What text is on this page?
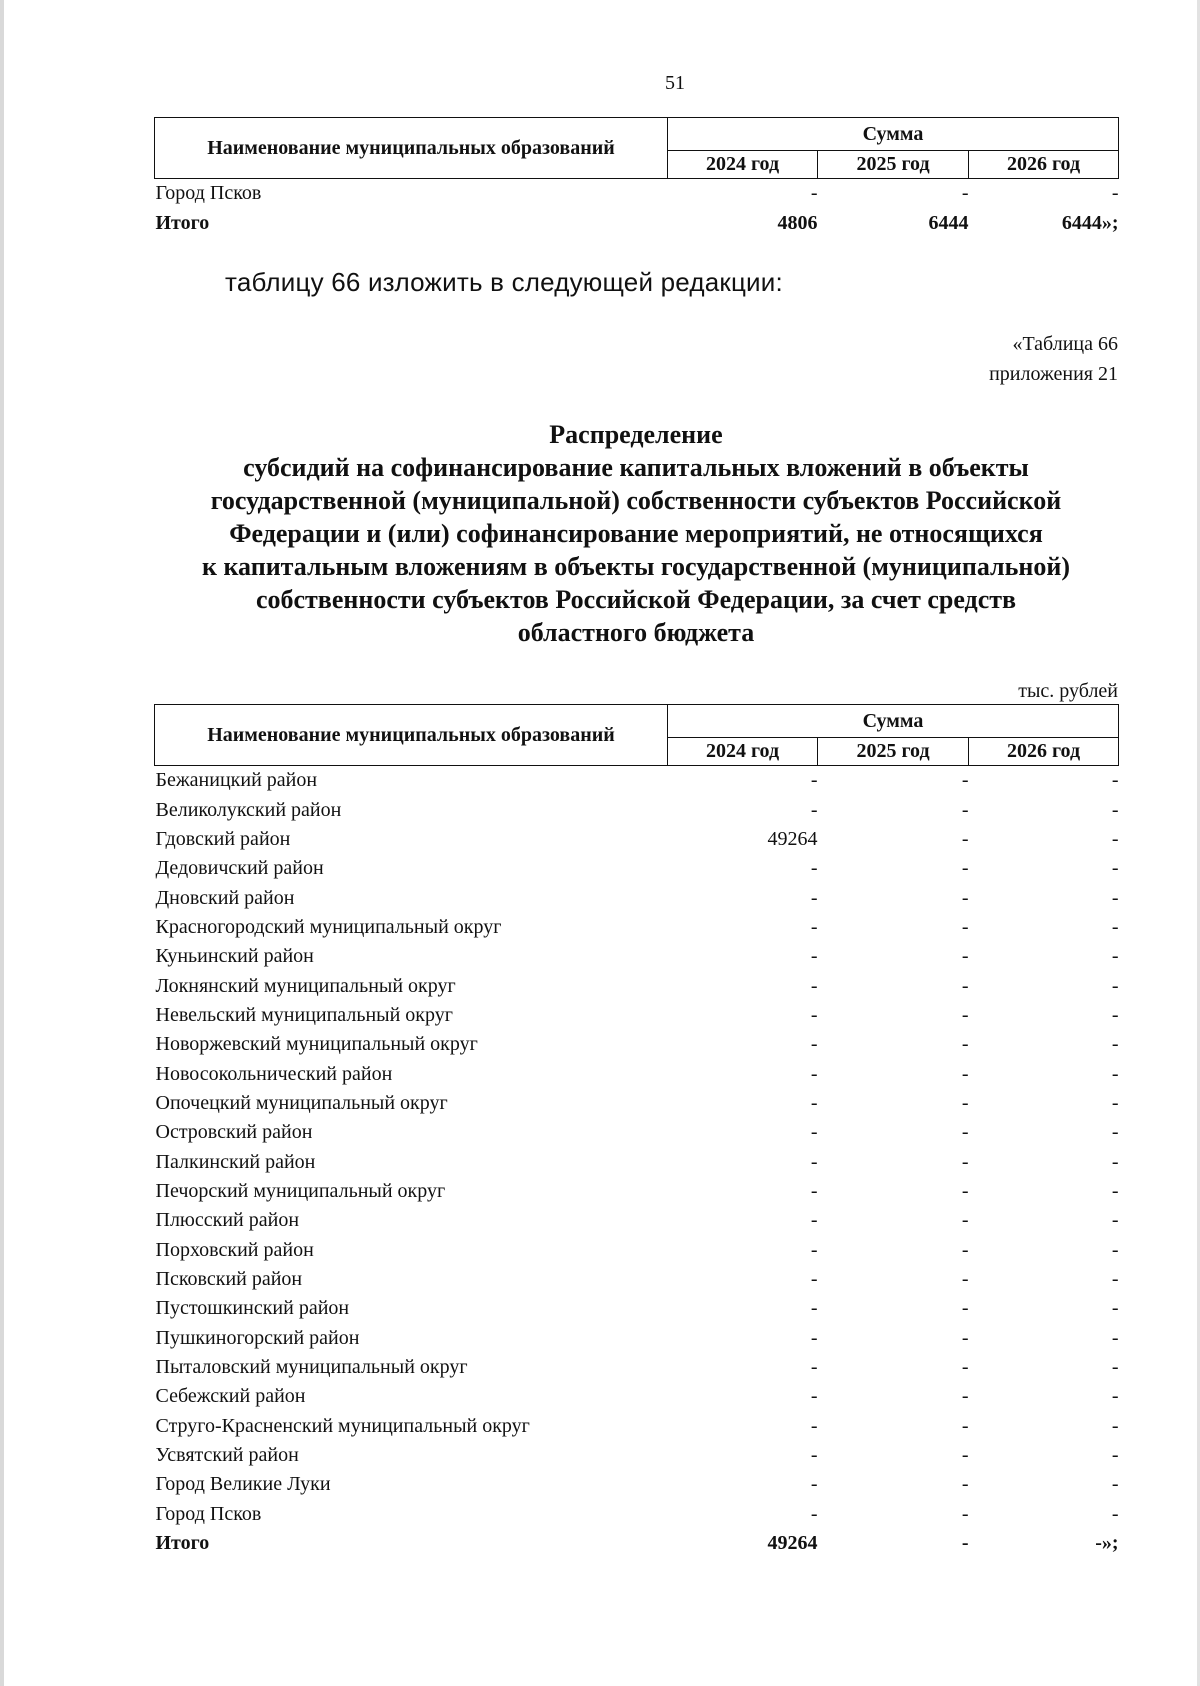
51
Наименование муниципальных образований	Сумма		
	2024 год	2025 год	2026 год
Город Псков	-	-	-
Итого	4806	6444	6444»;
таблицу 66 изложить в следующей редакции:
«Таблица 66
приложения 21
Распределение
субсидий на софинансирование капитальных вложений в объекты
государственной (муниципальной) собственности субъектов Российской
Федерации и (или) софинансирование мероприятий, не относящихся
к капитальным вложениям в объекты государственной (муниципальной)
собственности субъектов Российской Федерации, за счет средств
областного бюджета
тыс. рублей
Наименование муниципальных образований	Сумма		
	2024 год	2025 год	2026 год
Бежаницкий район	-	-	-
Великолукский район	-	-	-
Гдовский район	49264	-	-
Дедовичский район	-	-	-
Дновский район	-	-	-
Красногородский муниципальный округ	-	-	-
Куньинский район	-	-	-
Локнянский муниципальный округ	-	-	-
Невельский муниципальный округ	-	-	-
Новоржевский муниципальный округ	-	-	-
Новосокольнический район	-	-	-
Опочецкий муниципальный округ	-	-	-
Островский район	-	-	-
Палкинский район	-	-	-
Печорский муниципальный округ	-	-	-
Плюсский район	-	-	-
Порховский район	-	-	-
Псковский район	-	-	-
Пустошкинский район	-	-	-
Пушкиногорский район	-	-	-
Пыталовский муниципальный округ	-	-	-
Себежский район	-	-	-
Струго-Красненский муниципальный округ	-	-	-
Усвятский район	-	-	-
Город Великие Луки	-	-	-
Город Псков	-	-	-
Итого	49264	-	-»;
